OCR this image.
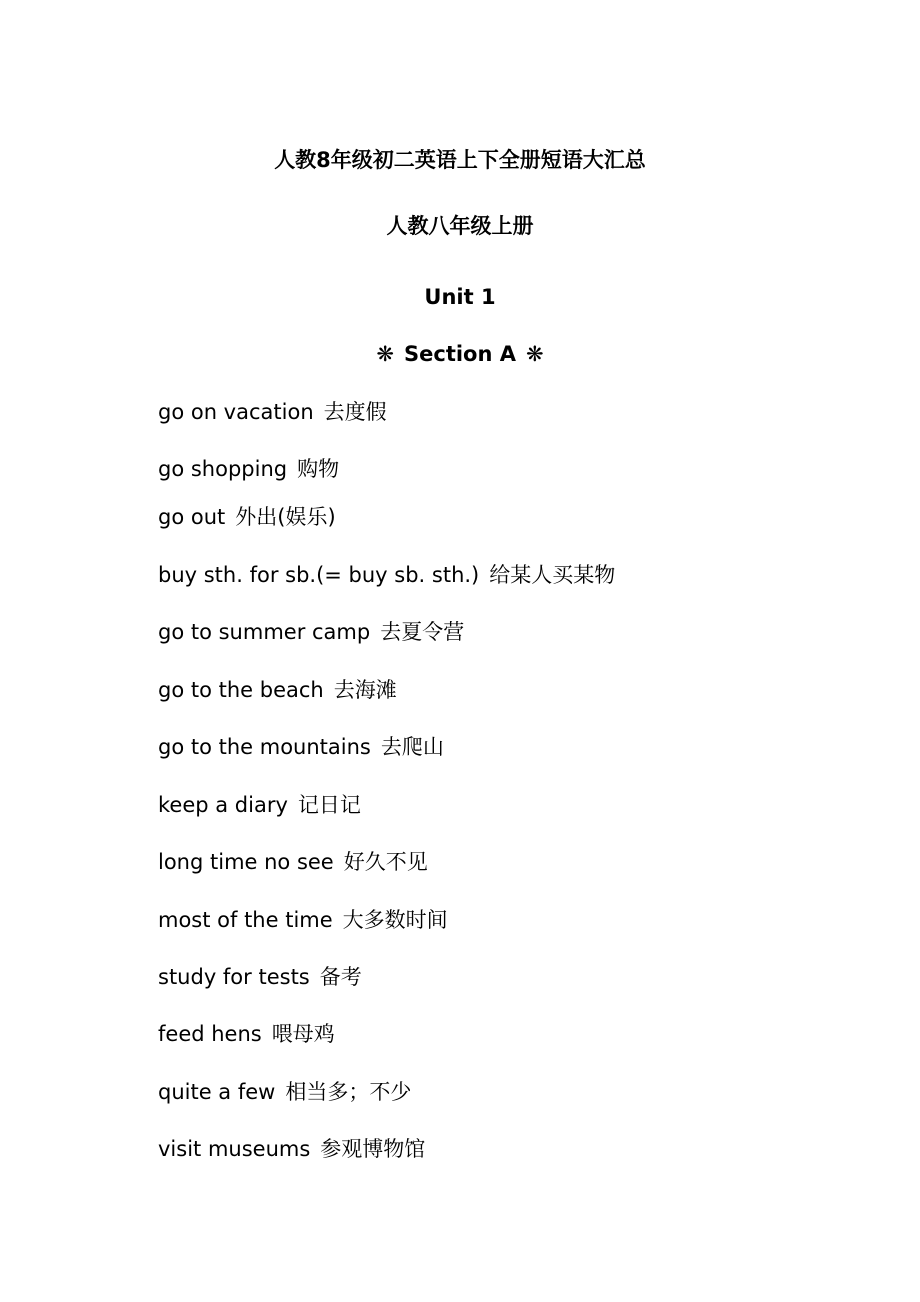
人教8年级初二英语上下全册短语大汇总
人教八年级上册
Unit 1
❋ Section A ❋
go on vacation 去度假
go shopping 购物
go out 外出(娱乐)
buy sth. for sb.(= buy sb. sth.) 给某人买某物
go to summer camp 去夏令营
go to the beach 去海滩
go to the mountains 去爬山
keep a diary 记日记
long time no see 好久不见
most of the time 大多数时间
study for tests 备考
feed hens 喂母鸡
quite a few 相当多；不少
visit museums 参观博物馆
